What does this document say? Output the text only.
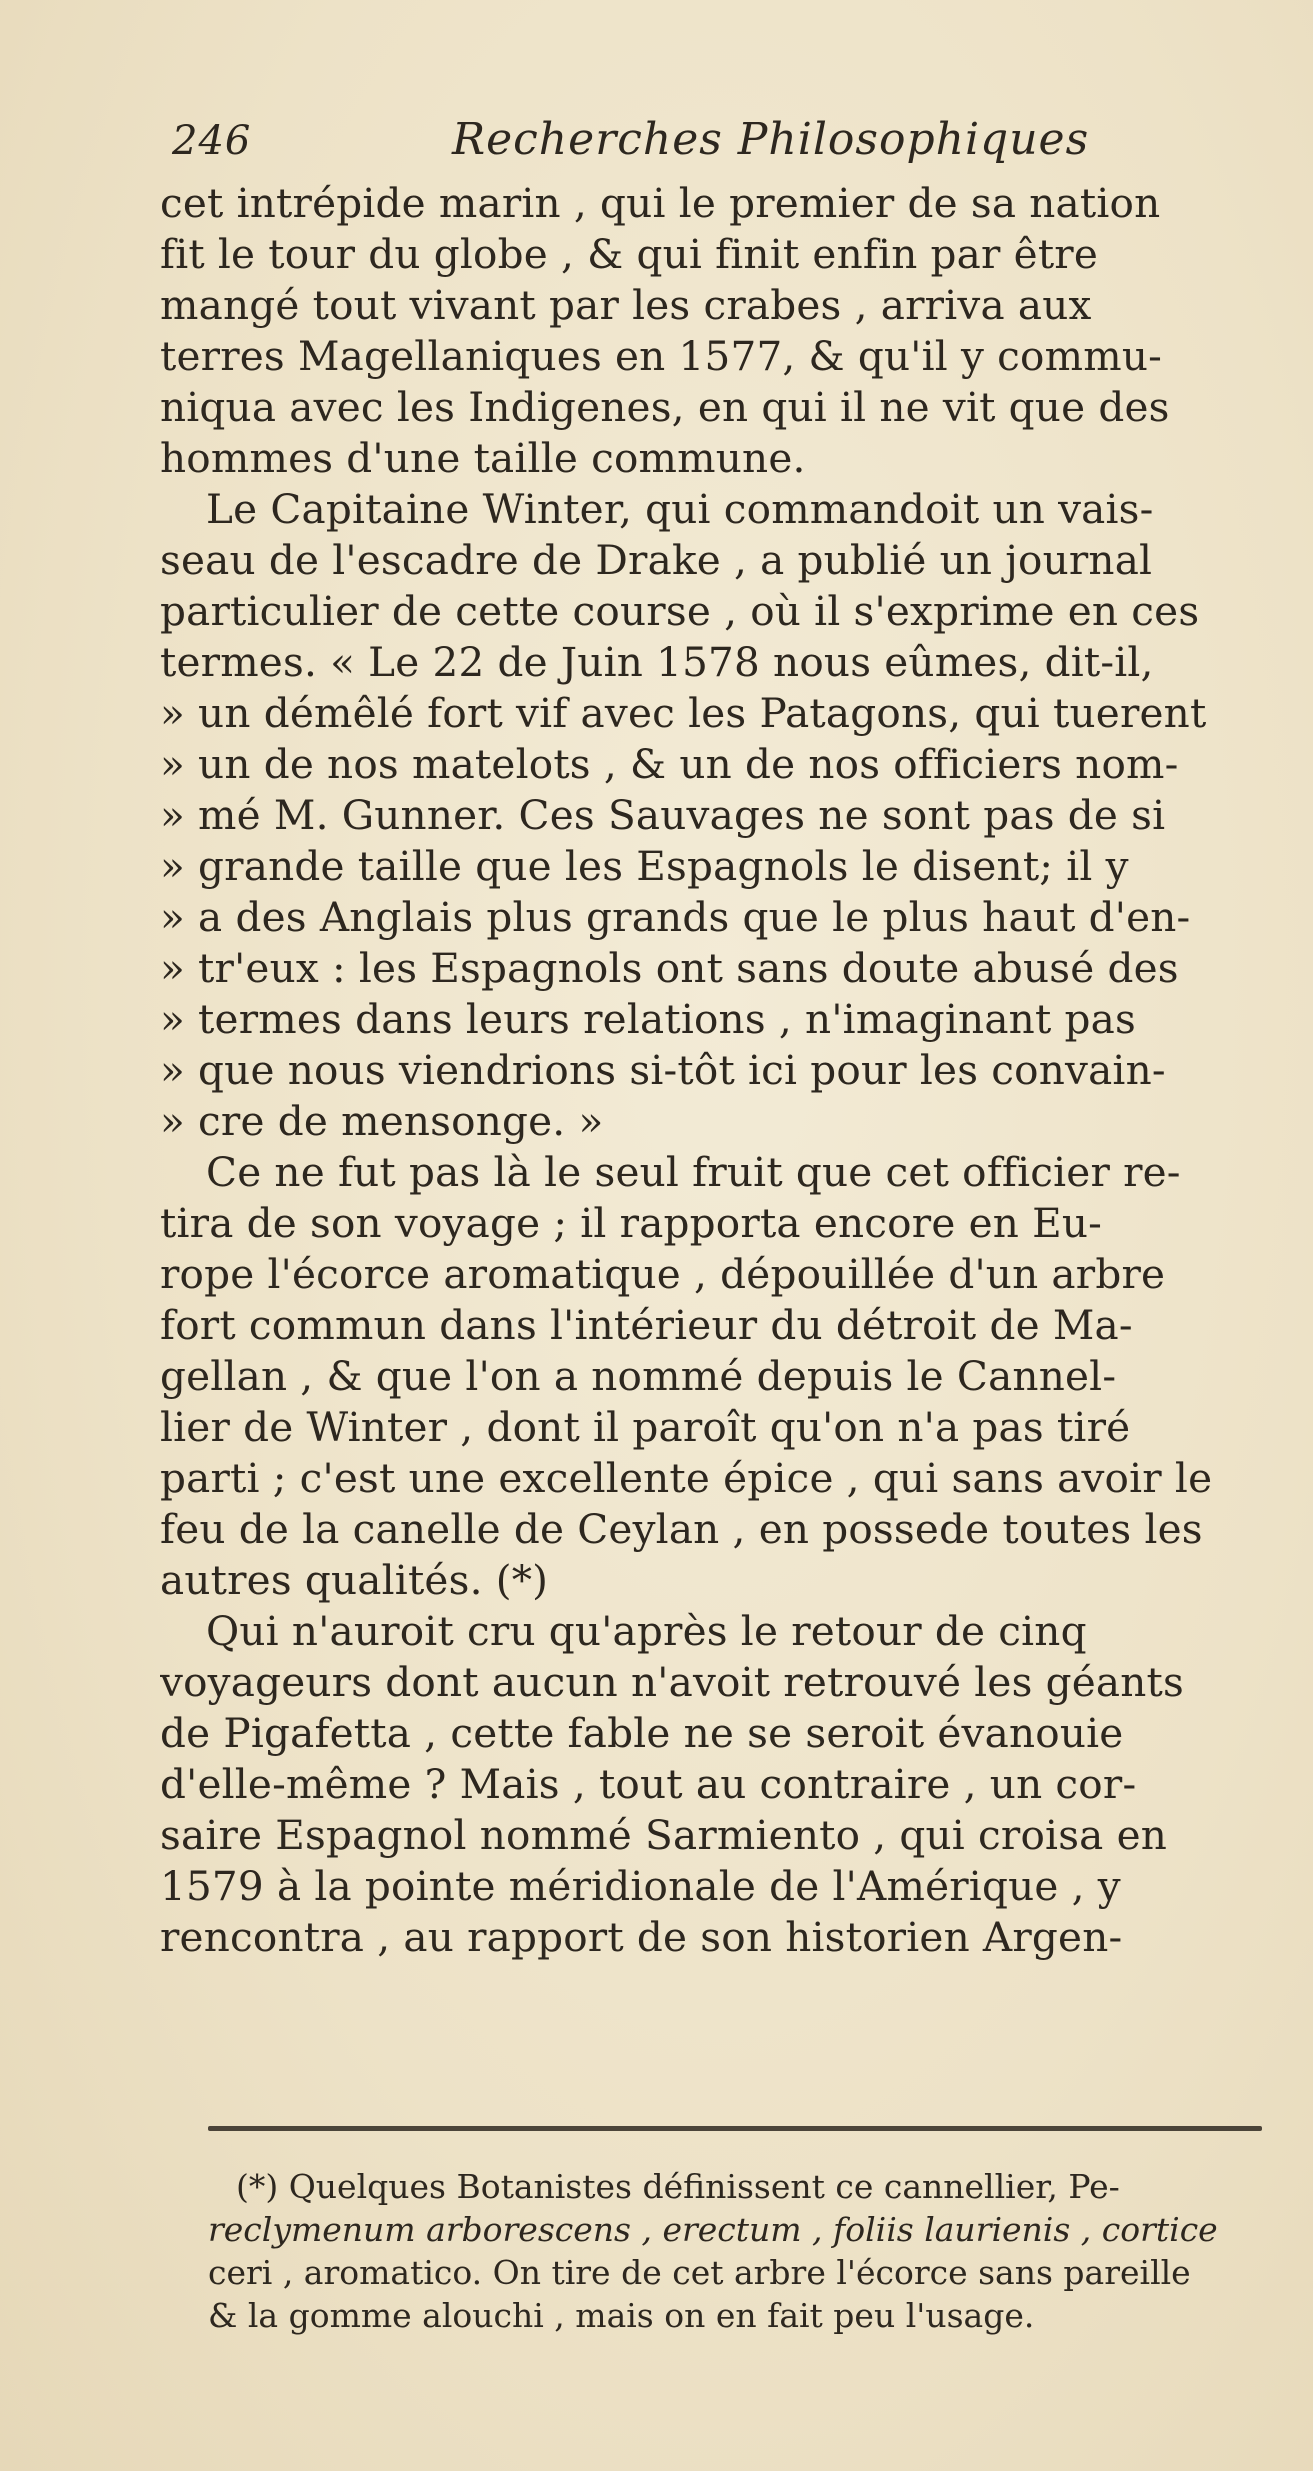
246	Recherches Philosophiques
cet intrépide marin , qui le premier de sa nation
fit le tour du globe , & qui finit enfin par être
mangé tout vivant par les crabes , arriva aux
terres Magellaniques en 1577, & qu'il y commu-
niqua avec les Indigenes, en qui il ne vit que des
hommes d'une taille commune.
Le Capitaine Winter, qui commandoit un vais-
seau de l'escadre de Drake , a publié un journal
particulier de cette course , où il s'exprime en ces
termes. « Le 22 de Juin 1578 nous eûmes, dit-il,
» un démêlé fort vif avec les Patagons, qui tuerent
» un de nos matelots , & un de nos officiers nom-
» mé M. Gunner. Ces Sauvages ne sont pas de si
» grande taille que les Espagnols le disent; il y
» a des Anglais plus grands que le plus haut d'en-
» tr'eux : les Espagnols ont sans doute abusé des
» termes dans leurs relations , n'imaginant pas
» que nous viendrions si-tôt ici pour les convain-
» cre de mensonge. »
Ce ne fut pas là le seul fruit que cet officier re-
tira de son voyage ; il rapporta encore en Eu-
rope l'écorce aromatique , dépouillée d'un arbre
fort commun dans l'intérieur du détroit de Ma-
gellan , & que l'on a nommé depuis le Cannel-
lier de Winter , dont il paroît qu'on n'a pas tiré
parti ; c'est une excellente épice , qui sans avoir le
feu de la canelle de Ceylan , en possede toutes les
autres qualités. (*)
Qui n'auroit cru qu'après le retour de cinq
voyageurs dont aucun n'avoit retrouvé les géants
de Pigafetta , cette fable ne se seroit évanouie
d'elle-même ? Mais , tout au contraire , un cor-
saire Espagnol nommé Sarmiento , qui croisa en
1579 à la pointe méridionale de l'Amérique , y
rencontra , au rapport de son historien Argen-
(*) Quelques Botanistes définissent ce cannellier, Pe-
reclymenum arborescens , erectum , foliis laurienis , cortice
ceri , aromatico. On tire de cet arbre l'écorce sans pareille
& la gomme alouchi , mais on en fait peu l'usage.
